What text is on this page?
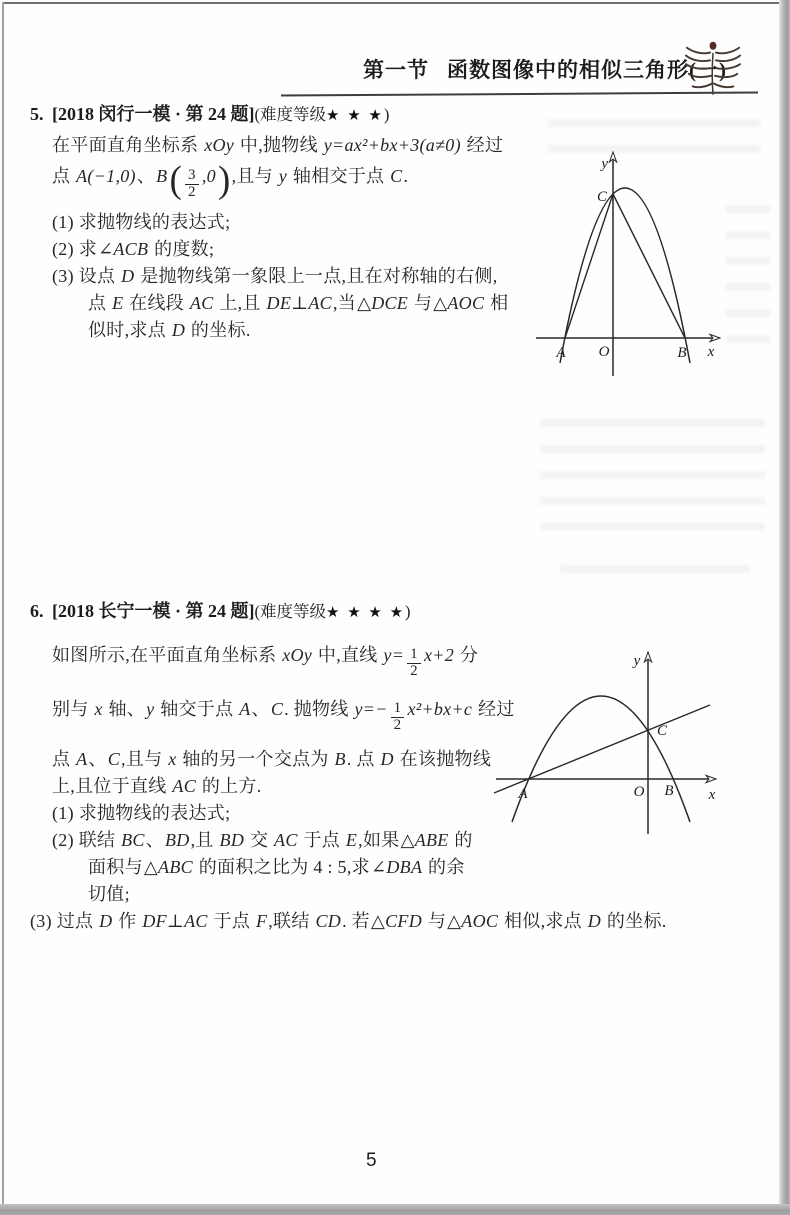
第一节 函数图像中的相似三角形(一)
5. [2018 闵行一模 · 第 24 题](难度等级★ ★ ★)
在平面直角坐标系 xOy 中,抛物线 y=ax²+bx+3(a≠0) 经过
点 A(−1,0)、$B( \frac{3}{2} ,0)$,且与 y 轴相交于点 C.
(1) 求抛物线的表达式;
(2) 求∠ACB 的度数;
(3) 设点 D 是抛物线第一象限上一点,且在对称轴的右侧,
点 E 在线段 AC 上,且 DE⊥AC,当△DCE 与△AOC 相
似时,求点 D 的坐标.
y
C
A O	B x
6. [2018 长宁一模 · 第 24 题](难度等级★ ★ ★ ★)
如图所示,在平面直角坐标系 xOy 中,直线 $y= \frac{1}{2} x+2$ 分
别与 x 轴、y 轴交于点 A、C. 抛物线 $y=- \frac{1}{2} x^2+bx+c$ 经过
点 A、C,且与 x 轴的另一个交点为 B. 点 D 在该抛物线
上,且位于直线 AC 的上方.
(1) 求抛物线的表达式;
(2) 联结 BC、BD,且 BD 交 AC 于点 E,如果△ABE 的
面积与△ABC 的面积之比为 4 : 5,求∠DBA 的余
切值;
(3) 过点 D 作 DF⊥AC 于点 F,联结 CD. 若△CFD 与△AOC 相似,求点 D 的坐标.
y
C
A	O B x
5
